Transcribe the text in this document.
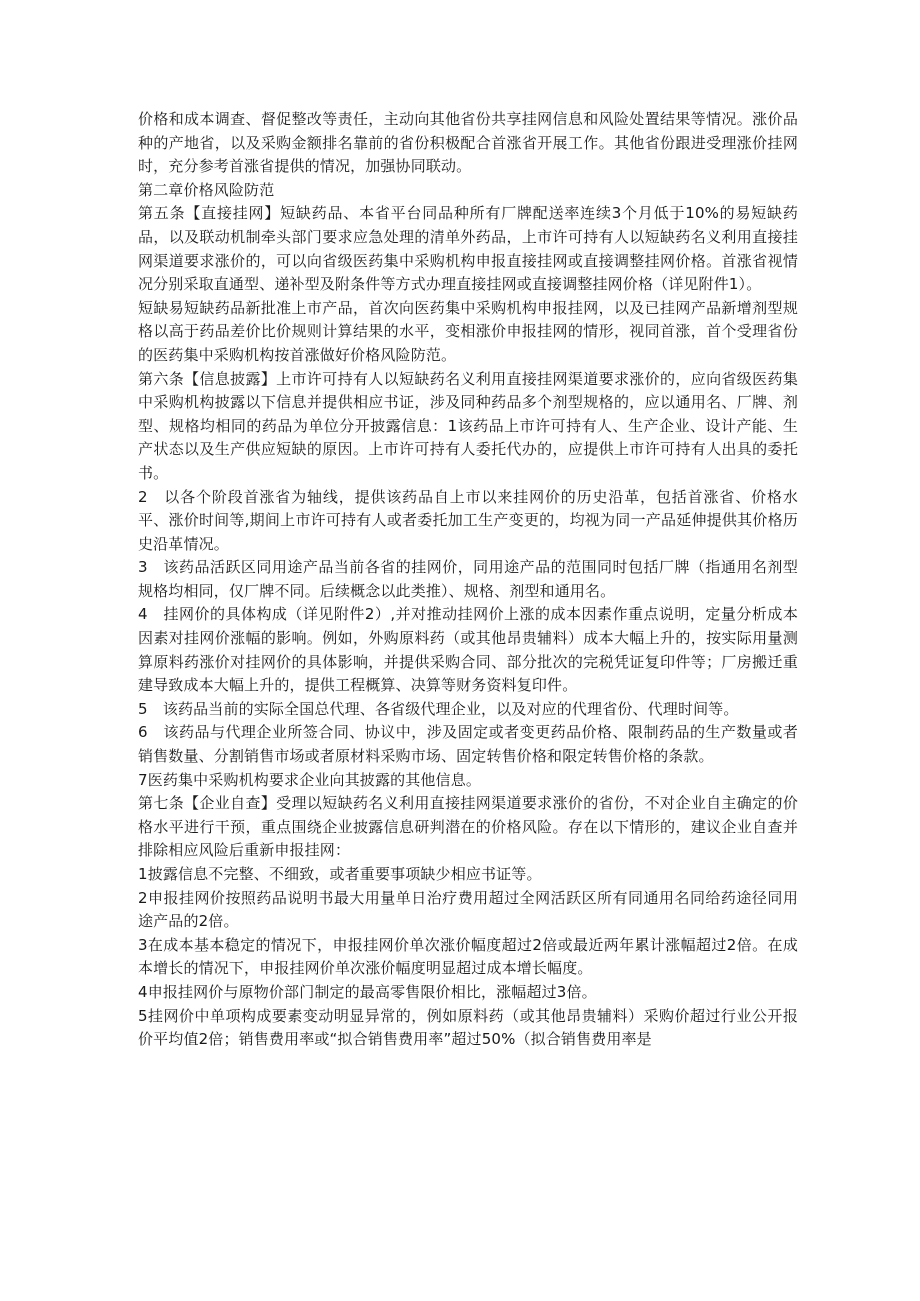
价格和成本调查、督促整改等责任，主动向其他省份共享挂网信息和风险处置结果等情况。涨价品种的产地省，以及采购金额排名靠前的省份积极配合首涨省开展工作。其他省份跟进受理涨价挂网时，充分参考首涨省提供的情况，加强协同联动。

第二章价格风险防范

第五条【直接挂网】短缺药品、本省平台同品种所有厂牌配送率连续3个月低于10%的易短缺药品，以及联动机制牵头部门要求应急处理的清单外药品，上市许可持有人以短缺药名义利用直接挂网渠道要求涨价的，可以向省级医药集中采购机构申报直接挂网或直接调整挂网价格。首涨省视情况分别采取直通型、递补型及附条件等方式办理直接挂网或直接调整挂网价格（详见附件1）。

短缺易短缺药品新批准上市产品，首次向医药集中采购机构申报挂网，以及已挂网产品新增剂型规格以高于药品差价比价规则计算结果的水平，变相涨价申报挂网的情形，视同首涨，首个受理省份的医药集中采购机构按首涨做好价格风险防范。

第六条【信息披露】上市许可持有人以短缺药名义利用直接挂网渠道要求涨价的，应向省级医药集中采购机构披露以下信息并提供相应书证，涉及同种药品多个剂型规格的，应以通用名、厂牌、剂型、规格均相同的药品为单位分开披露信息：1该药品上市许可持有人、生产企业、设计产能、生产状态以及生产供应短缺的原因。上市许可持有人委托代办的，应提供上市许可持有人出具的委托书。

2　以各个阶段首涨省为轴线，提供该药品自上市以来挂网价的历史沿革，包括首涨省、价格水平、涨价时间等,期间上市许可持有人或者委托加工生产变更的，均视为同一产品延伸提供其价格历史沿革情况。

3　该药品活跃区同用途产品当前各省的挂网价，同用途产品的范围同时包括厂牌（指通用名剂型规格均相同，仅厂牌不同。后续概念以此类推）、规格、剂型和通用名。

4　挂网价的具体构成（详见附件2）,并对推动挂网价上涨的成本因素作重点说明，定量分析成本因素对挂网价涨幅的影响。例如，外购原料药（或其他昂贵辅料）成本大幅上升的，按实际用量测算原料药涨价对挂网价的具体影响，并提供采购合同、部分批次的完税凭证复印件等；厂房搬迁重建导致成本大幅上升的，提供工程概算、决算等财务资料复印件。

5　该药品当前的实际全国总代理、各省级代理企业，以及对应的代理省份、代理时间等。

6　该药品与代理企业所签合同、协议中，涉及固定或者变更药品价格、限制药品的生产数量或者销售数量、分割销售市场或者原材料采购市场、固定转售价格和限定转售价格的条款。

7医药集中采购机构要求企业向其披露的其他信息。

第七条【企业自查】受理以短缺药名义利用直接挂网渠道要求涨价的省份，不对企业自主确定的价格水平进行干预，重点围绕企业披露信息研判潜在的价格风险。存在以下情形的，建议企业自查并排除相应风险后重新申报挂网：

1披露信息不完整、不细致，或者重要事项缺少相应书证等。

2申报挂网价按照药品说明书最大用量单日治疗费用超过全网活跃区所有同通用名同给药途径同用途产品的2倍。

3在成本基本稳定的情况下，申报挂网价单次涨价幅度超过2倍或最近两年累计涨幅超过2倍。在成本增长的情况下，申报挂网价单次涨价幅度明显超过成本增长幅度。

4申报挂网价与原物价部门制定的最高零售限价相比，涨幅超过3倍。

5挂网价中单项构成要素变动明显异常的，例如原料药（或其他昂贵辅料）采购价超过行业公开报价平均值2倍；销售费用率或“拟合销售费用率”超过50%（拟合销售费用率是
